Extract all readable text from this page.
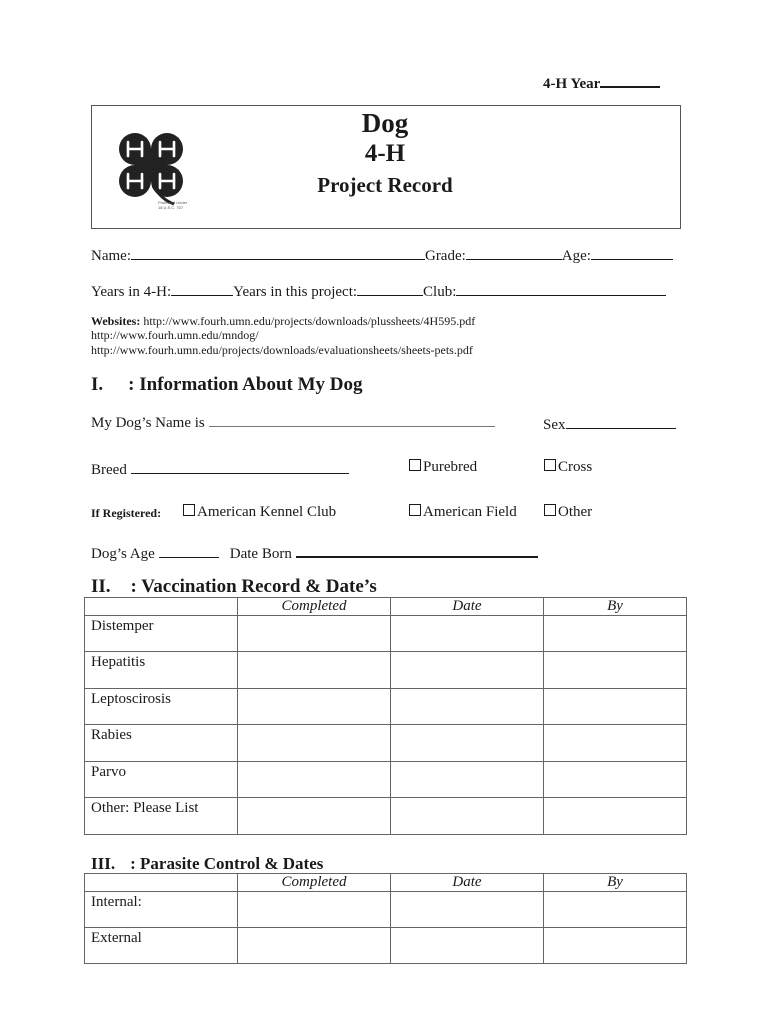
4-H Year
Protected Under
18 U.S.C. 707
Dog
4-H
Project Record
Name:	Grade:	Age:
Years in 4-H:	Years in this project:	Club:
Websites: http://www.fourh.umn.edu/projects/downloads/plussheets/4H595.pdf
http://www.fourh.umn.edu/mndog/
http://www.fourh.umn.edu/projects/downloads/evaluationsheets/sheets-pets.pdf
I. : Information About My Dog
My Dog’s Name is	Sex
Breed	Purebred	Cross
If Registered:	American Kennel Club	American Field	Other
Dog’s Age	Date Born
II. : Vaccination Record & Date’s
	Completed	Date	By

Distemper			

Hepatitis			

Leptoscirosis			

Rabies			

Parvo			

Other: Please List			

III. : Parasite Control & Dates
	Completed	Date	By

Internal:			

External			
